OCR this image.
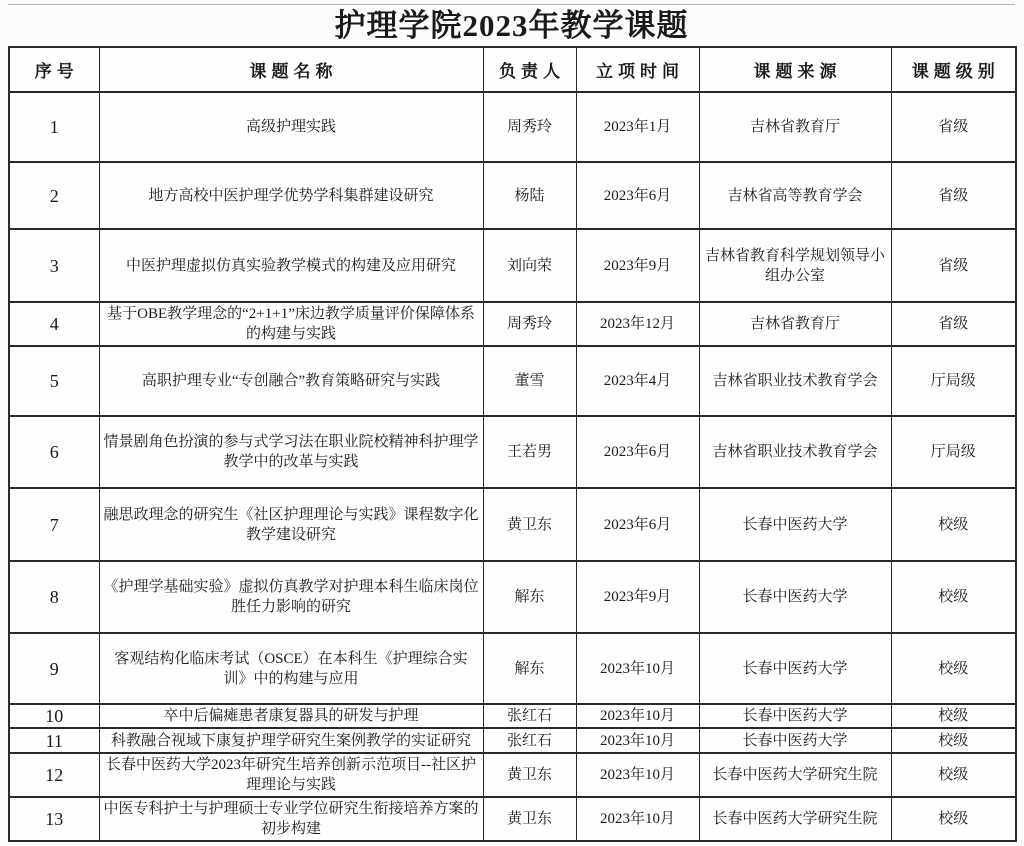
护理学院2023年教学课题
序号	课题名称	负责人	立项时间	课题来源	课题级别
1	高级护理实践	周秀玲	2023年1月	吉林省教育厅	省级
2	地方高校中医护理学优势学科集群建设研究	杨陆	2023年6月	吉林省高等教育学会	省级
3	中医护理虚拟仿真实验教学模式的构建及应用研究	刘向荣	2023年9月	吉林省教育科学规划领导小组办公室	省级
4	基于OBE教学理念的“2+1+1”床边教学质量评价保障体系的构建与实践	周秀玲	2023年12月	吉林省教育厅	省级
5	高职护理专业“专创融合”教育策略研究与实践	董雪	2023年4月	吉林省职业技术教育学会	厅局级
6	情景剧角色扮演的参与式学习法在职业院校精神科护理学教学中的改革与实践	王若男	2023年6月	吉林省职业技术教育学会	厅局级
7	融思政理念的研究生《社区护理理论与实践》课程数字化教学建设研究	黄卫东	2023年6月	长春中医药大学	校级
8	《护理学基础实验》虚拟仿真教学对护理本科生临床岗位胜任力影响的研究	解东	2023年9月	长春中医药大学	校级
9	客观结构化临床考试（OSCE）在本科生《护理综合实训》中的构建与应用	解东	2023年10月	长春中医药大学	校级
10	卒中后偏瘫患者康复器具的研发与护理	张红石	2023年10月	长春中医药大学	校级
11	科教融合视域下康复护理学研究生案例教学的实证研究	张红石	2023年10月	长春中医药大学	校级
12	长春中医药大学2023年研究生培养创新示范项目--社区护理理论与实践	黄卫东	2023年10月	长春中医药大学研究生院	校级
13	中医专科护士与护理硕士专业学位研究生衔接培养方案的初步构建	黄卫东	2023年10月	长春中医药大学研究生院	校级
